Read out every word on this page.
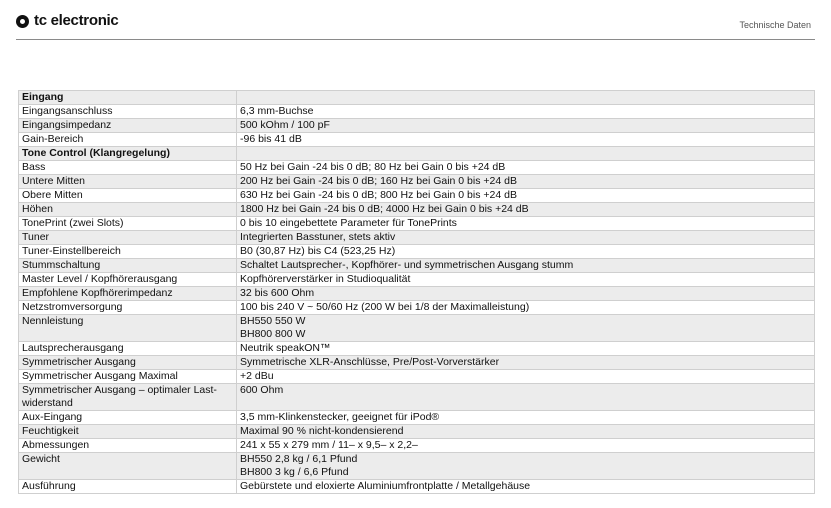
tc electronic	Technische Daten
Eingang	
Eingangsanschluss	6,3 mm-Buchse

Eingangsimpedanz	500 kOhm / 100 pF

Gain-Bereich	-96 bis 41 dB

Tone Control (Klangregelung)	
Bass	50 Hz bei Gain -24 bis 0 dB; 80 Hz bei Gain 0 bis +24 dB

Untere Mitten	200 Hz bei Gain -24 bis 0 dB; 160 Hz bei Gain 0 bis +24 dB

Obere Mitten	630 Hz bei Gain -24 bis 0 dB; 800 Hz bei Gain 0 bis +24 dB

Höhen	1800 Hz bei Gain -24 bis 0 dB; 4000 Hz bei Gain 0 bis +24 dB

TonePrint (zwei Slots)	0 bis 10 eingebettete Parameter für TonePrints

Tuner	Integrierten Basstuner, stets aktiv

Tuner-Einstellbereich	B0 (30,87 Hz) bis C4 (523,25 Hz)

Stummschaltung	Schaltet Lautsprecher-, Kopfhörer- und symmetrischen Ausgang stumm

Master Level / Kopfhörerausgang	Kopfhörerverstärker in Studioqualität

Empfohlene Kopfhörerimpedanz	32 bis 600 Ohm

Netzstromversorgung	100 bis 240 V ~ 50/60 Hz (200 W bei 1/8 der Maximalleistung)

Nennleistung	BH550 550 W
BH800 800 W

Lautsprecherausgang	Neutrik speakON™

Symmetrischer Ausgang	Symmetrische XLR-Anschlüsse, Pre/Post-Vorverstärker

Symmetrischer Ausgang Maximal	+2 dBu

Symmetrischer Ausgang – optimaler Last-widerstand	600 Ohm

Aux-Eingang	3,5 mm-Klinkenstecker, geeignet für iPod®

Feuchtigkeit	Maximal 90 % nicht-kondensierend

Abmessungen	241 x 55 x 279 mm / 11‒ x 9,5‒ x 2,2‒

Gewicht	BH550 2,8 kg / 6,1 Pfund
BH800 3 kg / 6,6 Pfund

Ausführung	Gebürstete und eloxierte Aluminiumfrontplatte / Metallgehäuse
